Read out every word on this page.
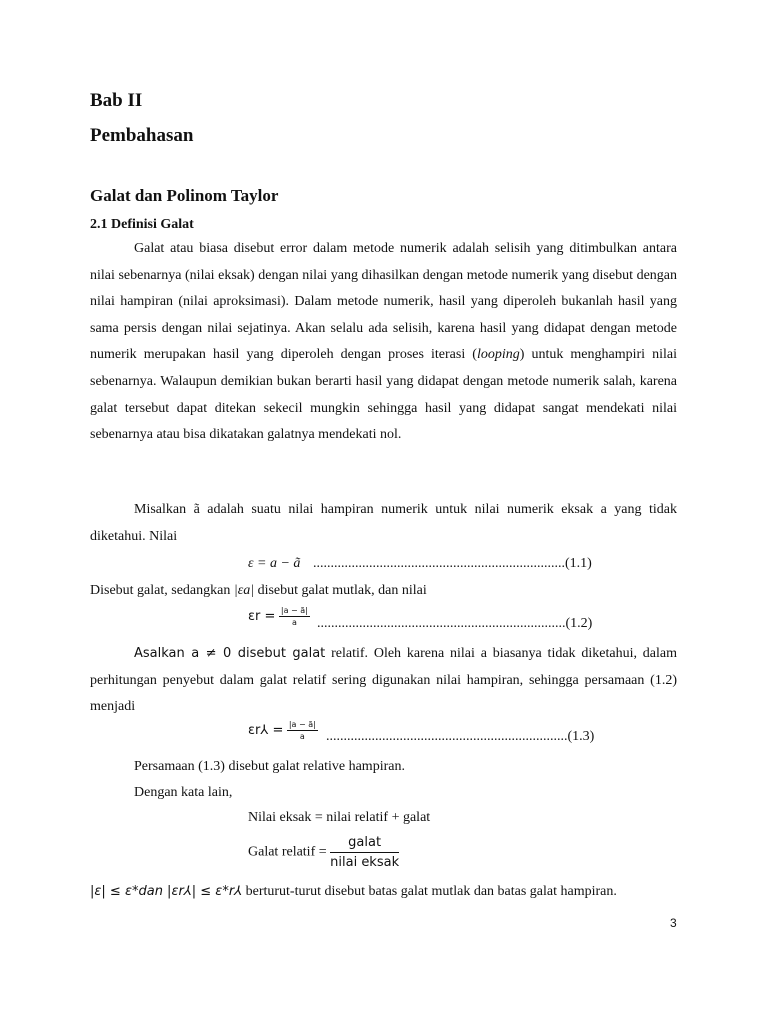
Bab II
Pembahasan
Galat dan Polinom Taylor
2.1 Definisi Galat
Galat atau biasa disebut error dalam metode numerik adalah selisih yang ditimbulkan antara nilai sebenarnya (nilai eksak) dengan nilai yang dihasilkan dengan metode numerik yang disebut dengan nilai hampiran (nilai aproksimasi). Dalam metode numerik, hasil yang diperoleh bukanlah hasil yang sama persis dengan nilai sejatinya. Akan selalu ada selisih, karena hasil yang didapat dengan metode numerik merupakan hasil yang diperoleh dengan proses iterasi (looping) untuk menghampiri nilai sebenarnya. Walaupun demikian bukan berarti hasil yang didapat dengan metode numerik salah, karena galat tersebut dapat ditekan sekecil mungkin sehingga hasil yang didapat sangat mendekati nilai sebenarnya atau bisa dikatakan galatnya mendekati nol.
Misalkan ã adalah suatu nilai hampiran numerik untuk nilai numerik eksak a yang tidak diketahui. Nilai
ε = a − ã ........................................................................(1.1)
Disebut galat, sedangkan |εa| disebut galat mutlak, dan nilai
$\varepsilon r = \frac{|a - ã|}{a} .......................................................................(1.2)$
Asalkan a ≠ 0 disebut galat relatif. Oleh karena nilai a biasanya tidak diketahui, dalam perhitungan penyebut dalam galat relatif sering digunakan nilai hampiran, sehingga persamaan (1.2) menjadi
εr⅄ = $\frac{|a - ã|}{a} .....................................................................(1.3)$
Persamaan (1.3) disebut galat relative hampiran.
Dengan kata lain,
Nilai eksak = nilai relatif + galat
Galat relatif = $\frac{\text{galat}}{\text{nilai eksak}}$
|ε| ≤ ε*dan |εr⅄| ≤ ε*r⅄ berturut-turut disebut batas galat mutlak dan batas galat hampiran.
3
